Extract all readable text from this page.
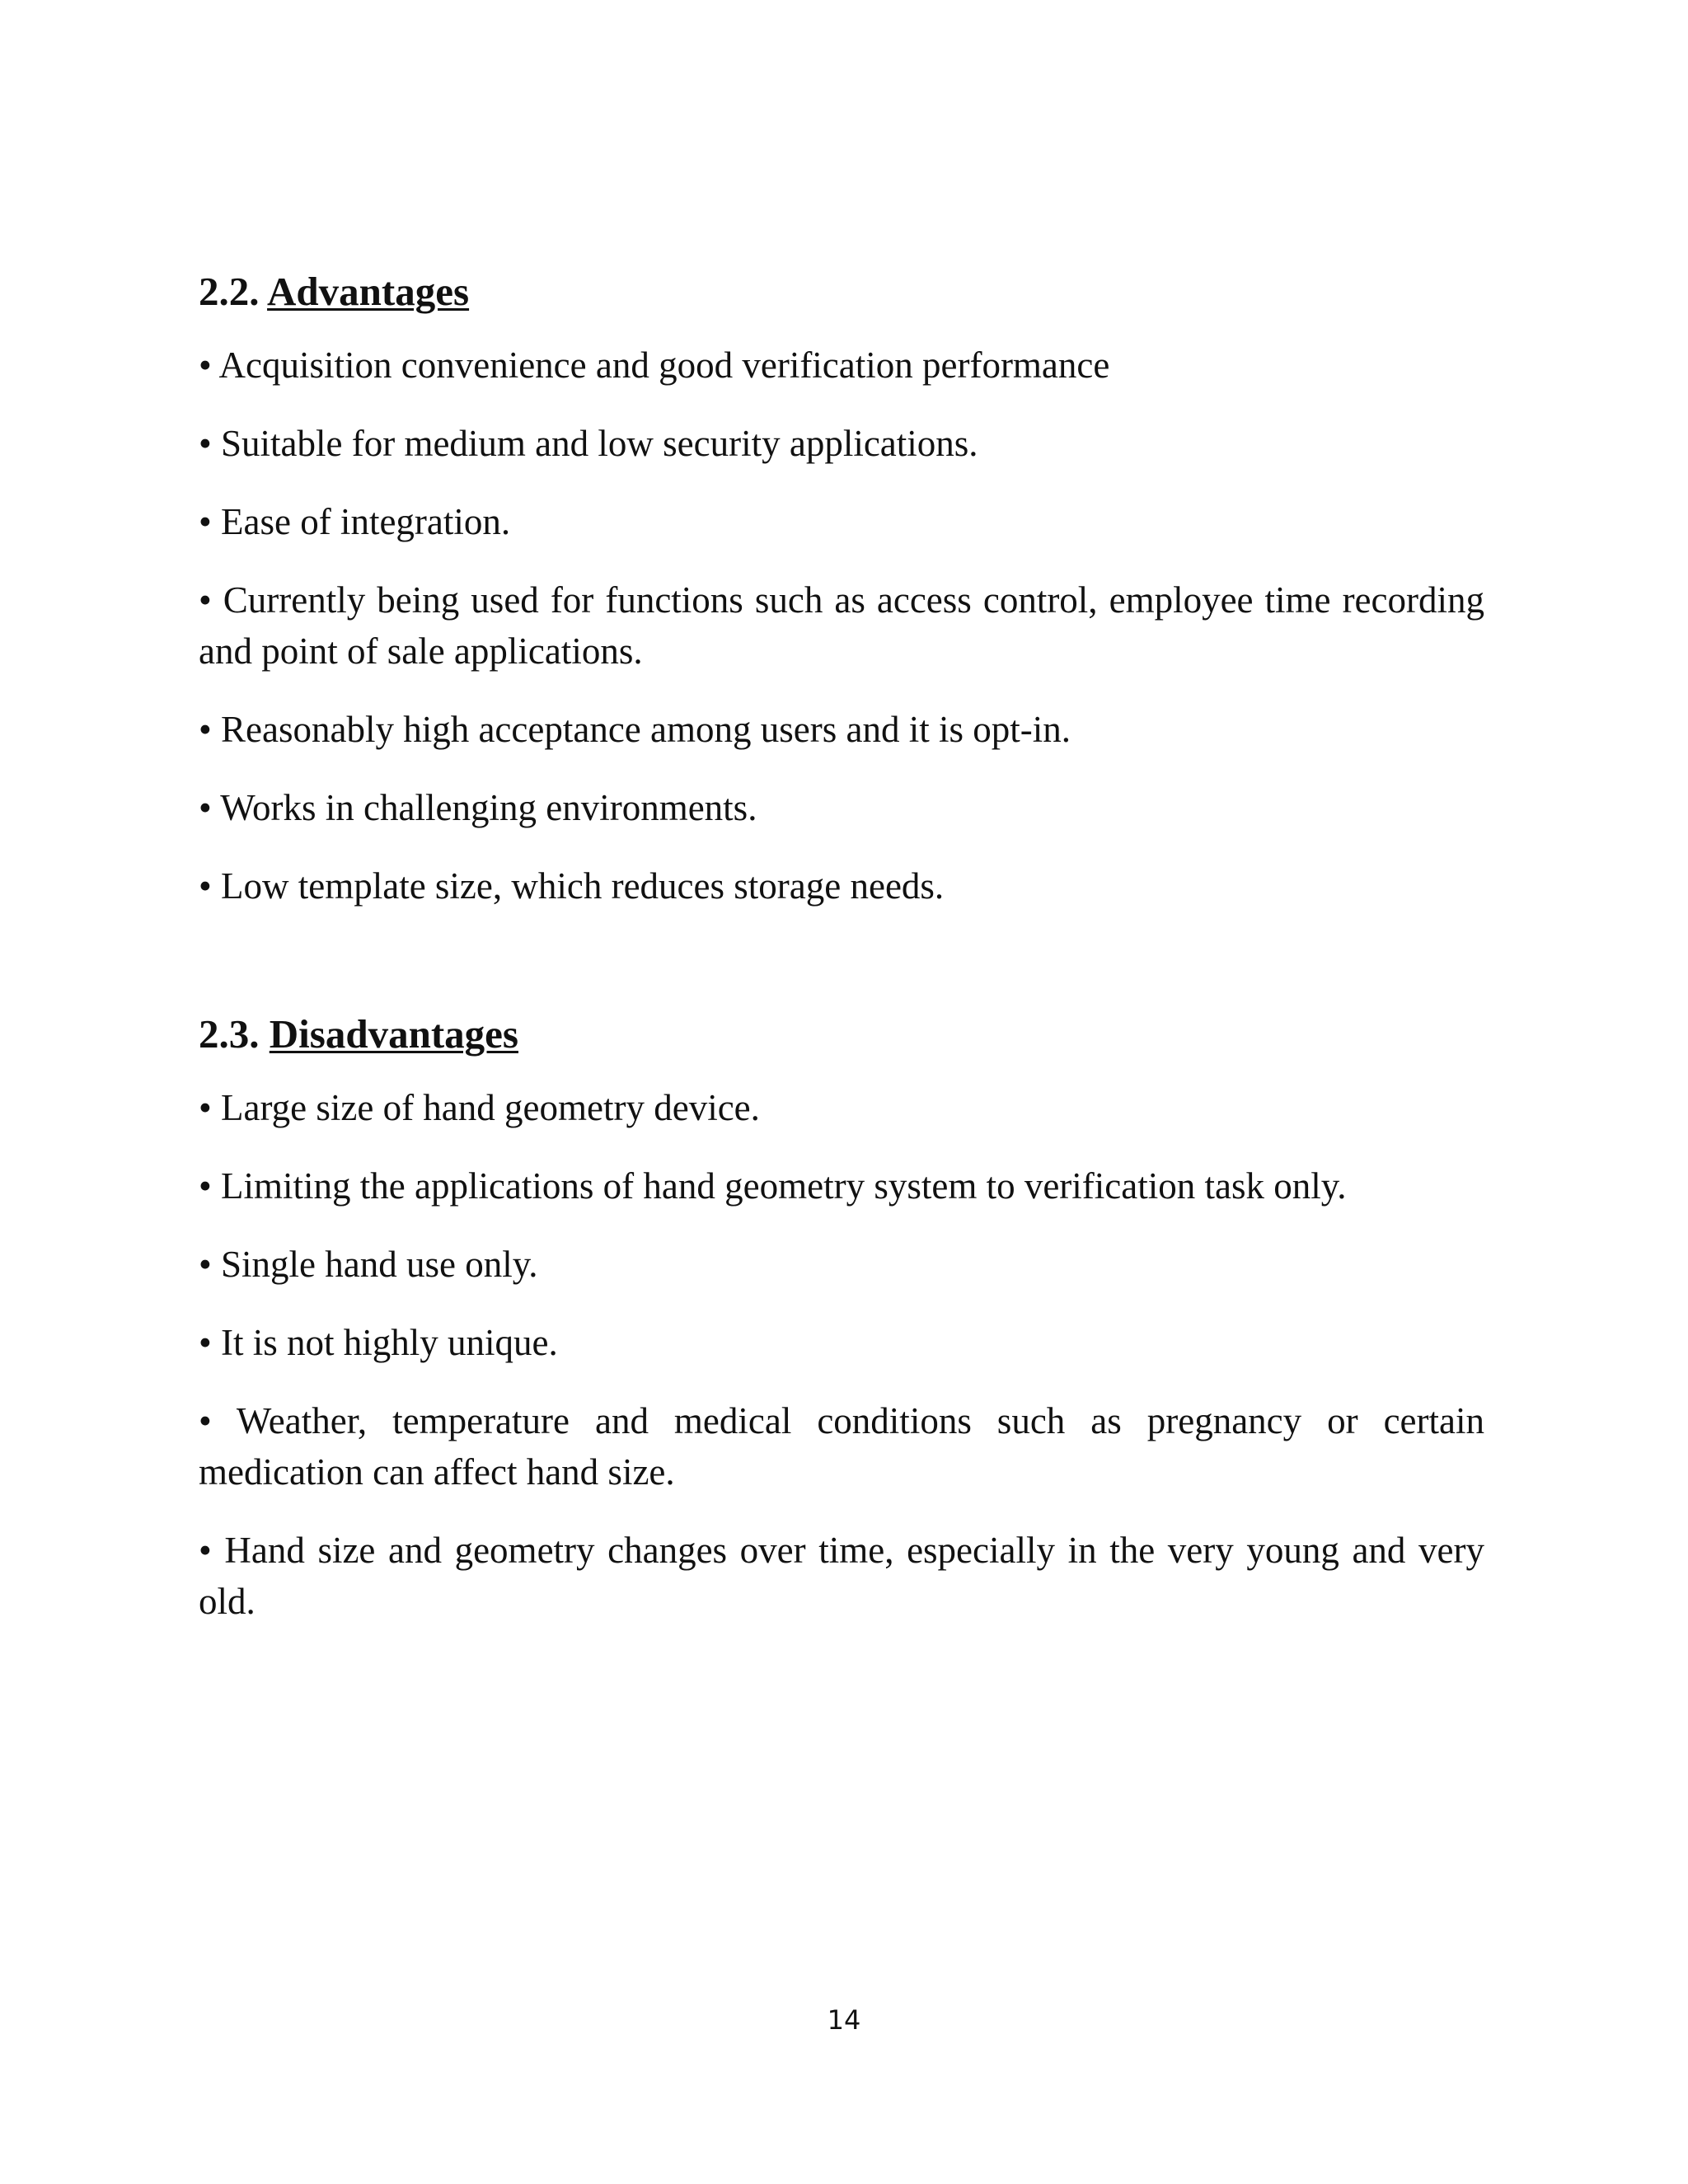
2.2. Advantages
• Acquisition convenience and good verification performance
• Suitable for medium and low security applications.
• Ease of integration.
• Currently being used for functions such as access control, employee time recording and point of sale applications.
• Reasonably high acceptance among users and it is opt-in.
• Works in challenging environments.
• Low template size, which reduces storage needs.
2.3. Disadvantages
• Large size of hand geometry device.
• Limiting the applications of hand geometry system to verification task only.
• Single hand use only.
• It is not highly unique.
• Weather, temperature and medical conditions such as pregnancy or certain medication can affect hand size.
• Hand size and geometry changes over time, especially in the very young and very old.
14
